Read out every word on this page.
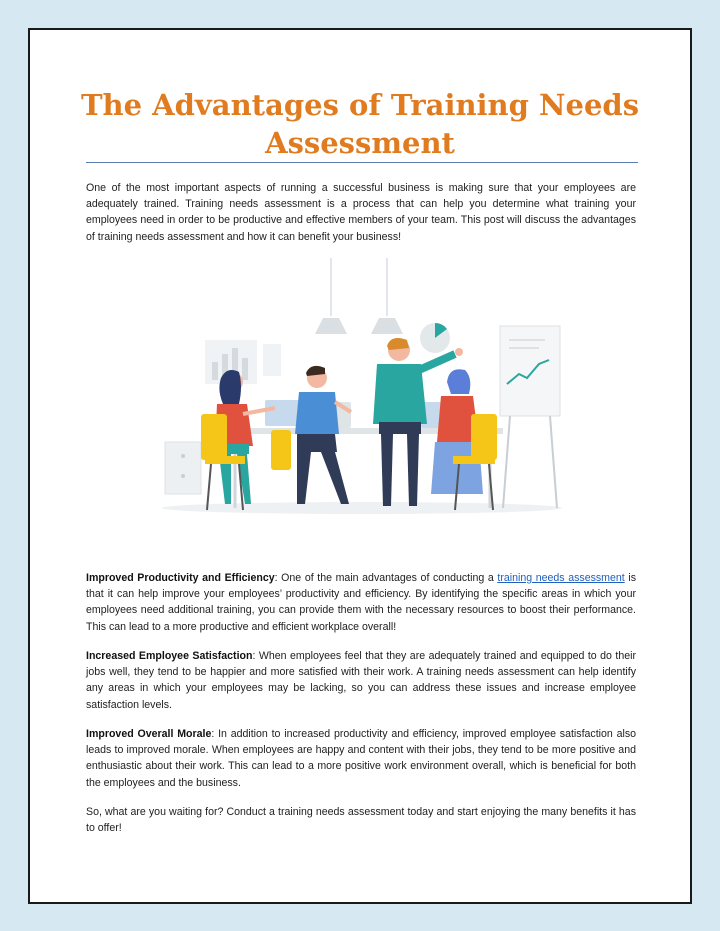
The Advantages of Training Needs Assessment

One of the most important aspects of running a successful business is making sure that your employees are adequately trained. Training needs assessment is a process that can help you determine what training your employees need in order to be productive and effective members of your team. This post will discuss the advantages of training needs assessment and how it can benefit your business!

Improved Productivity and Efficiency: One of the main advantages of conducting a training needs assessment is that it can help improve your employees’ productivity and efficiency. By identifying the specific areas in which your employees need additional training, you can provide them with the necessary resources to boost their performance. This can lead to a more productive and efficient workplace overall!

Increased Employee Satisfaction: When employees feel that they are adequately trained and equipped to do their jobs well, they tend to be happier and more satisfied with their work. A training needs assessment can help identify any areas in which your employees may be lacking, so you can address these issues and increase employee satisfaction levels.

Improved Overall Morale: In addition to increased productivity and efficiency, improved employee satisfaction also leads to improved morale. When employees are happy and content with their jobs, they tend to be more positive and enthusiastic about their work. This can lead to a more positive work environment overall, which is beneficial for both the employees and the business.

So, what are you waiting for? Conduct a training needs assessment today and start enjoying the many benefits it has to offer!
